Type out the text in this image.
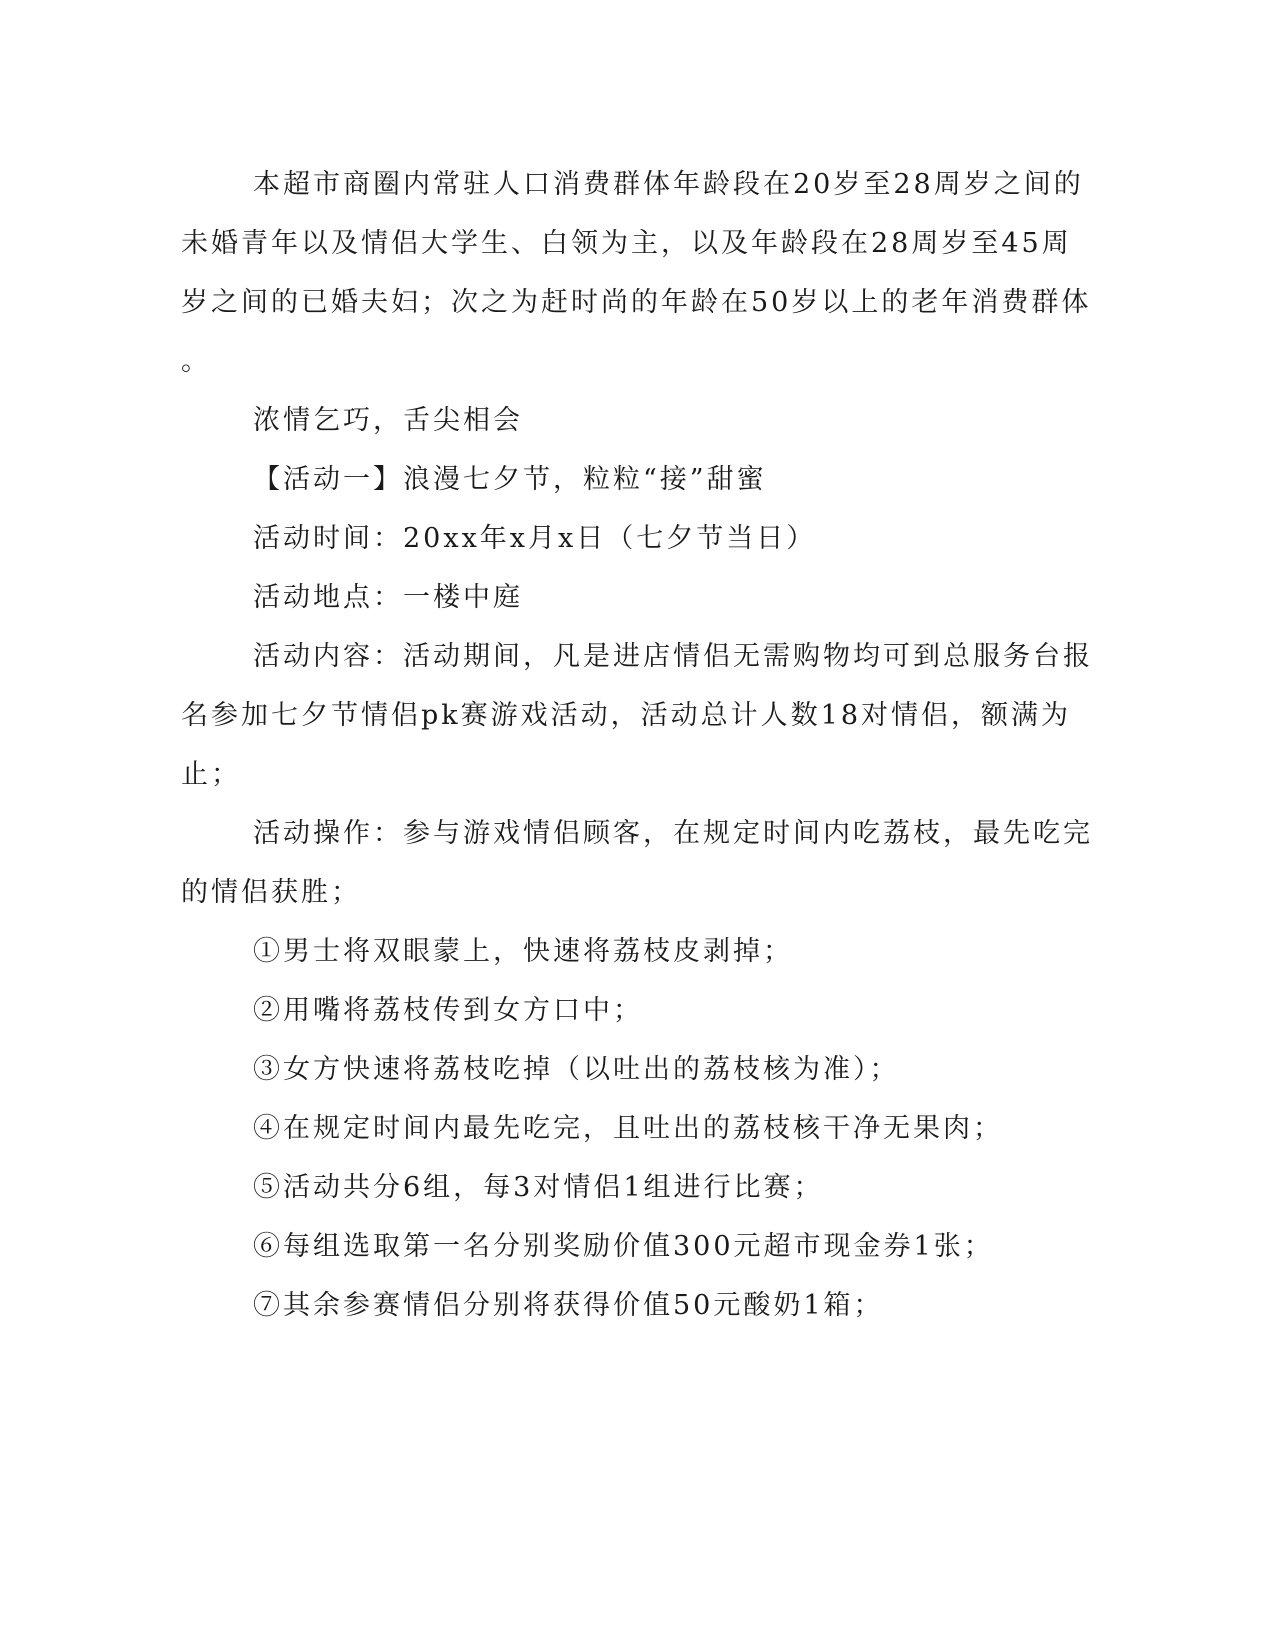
本超市商圈内常驻人口消费群体年龄段在20岁至28周岁之间的
未婚青年以及情侣大学生、白领为主，以及年龄段在28周岁至45周
岁之间的已婚夫妇；次之为赶时尚的年龄在50岁以上的老年消费群体
。
浓情乞巧，舌尖相会
【活动一】浪漫七夕节，粒粒“接”甜蜜
活动时间：20xx年x月x日（七夕节当日）
活动地点：一楼中庭
活动内容：活动期间，凡是进店情侣无需购物均可到总服务台报
名参加七夕节情侣pk赛游戏活动，活动总计人数18对情侣，额满为
止；
活动操作：参与游戏情侣顾客，在规定时间内吃荔枝，最先吃完
的情侣获胜；
①男士将双眼蒙上，快速将荔枝皮剥掉；
②用嘴将荔枝传到女方口中；
③女方快速将荔枝吃掉（以吐出的荔枝核为准）；
④在规定时间内最先吃完，且吐出的荔枝核干净无果肉；
⑤活动共分6组，每3对情侣1组进行比赛；
⑥每组选取第一名分别奖励价值300元超市现金券1张；
⑦其余参赛情侣分别将获得价值50元酸奶1箱；
